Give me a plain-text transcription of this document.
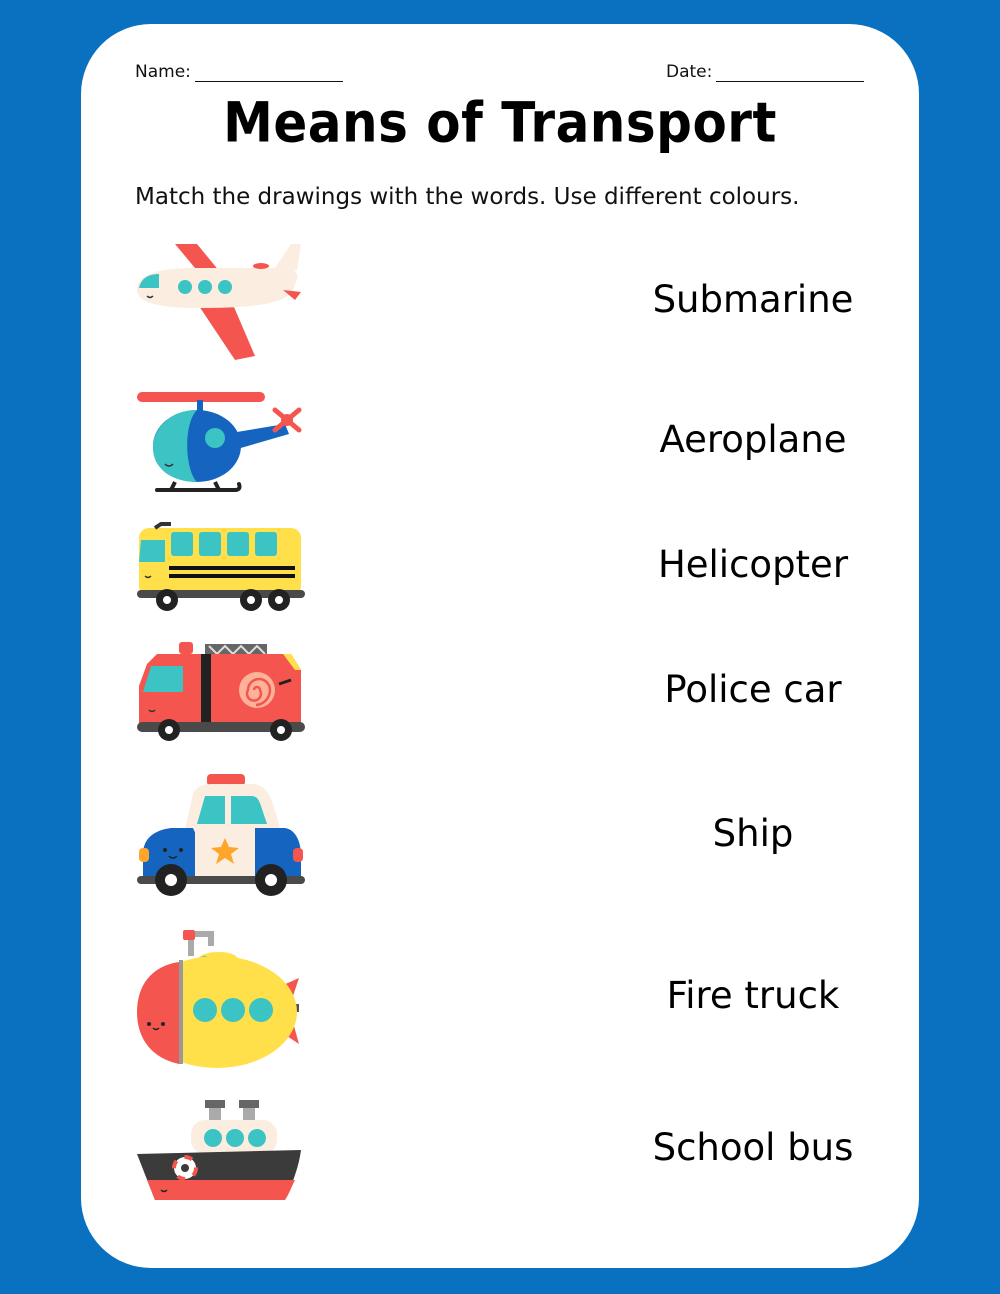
Name:	Date:
Means of Transport
Match the drawings with the words. Use different colours.
Submarine
Aeroplane
Helicopter
Police car
Ship
Fire truck
School bus
